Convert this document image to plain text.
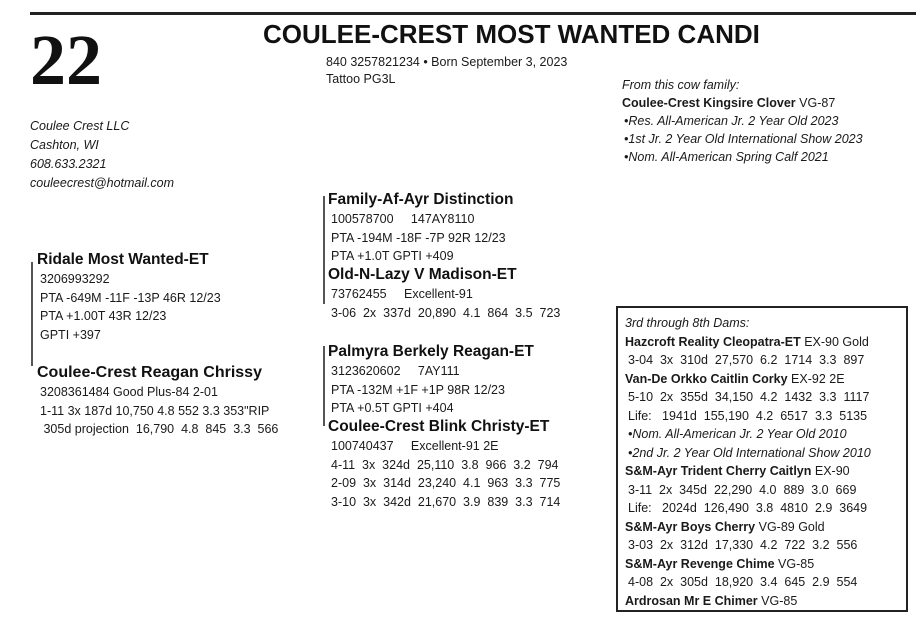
22	COULEE-CREST MOST WANTED CANDI
840 3257821234 • Born September 3, 2023
Tattoo PG3L
Coulee Crest LLC
Cashton, WI
608.633.2321
couleecrest@hotmail.com
From this cow family:
Coulee-Crest Kingsire Clover VG-87
•Res. All-American Jr. 2 Year Old 2023
•1st Jr. 2 Year Old International Show 2023
•Nom. All-American Spring Calf 2021
Ridale Most Wanted-ET
3206993292
PTA -649M -11F -13P 46R 12/23
PTA +1.00T 43R 12/23
GPTI +397
Coulee-Crest Reagan Chrissy
3208361484 Good Plus-84 2-01
1-11 3x 187d 10,750 4.8 552 3.3 353"RIP
305d projection  16,790  4.8  845  3.3  566
Family-Af-Ayr Distinction
100578700     147AY8110
PTA -194M -18F -7P 92R 12/23
PTA +1.0T GPTI +409
Old-N-Lazy V Madison-ET
73762455     Excellent-91
3-06  2x  337d  20,890  4.1  864  3.5  723
Palmyra Berkely Reagan-ET
3123620602     7AY111
PTA -132M +1F +1P 98R 12/23
PTA +0.5T GPTI +404
Coulee-Crest Blink Christy-ET
100740437     Excellent-91 2E
4-11  3x  324d  25,110  3.8  966  3.2  794
2-09  3x  314d  23,240  4.1  963  3.3  775
3-10  3x  342d  21,670  3.9  839  3.3  714
3rd through 8th Dams:
Hazcroft Reality Cleopatra-ET EX-90 Gold
3-04  3x  310d  27,570  6.2  1714  3.3  897
Van-De Orkko Caitlin Corky EX-92 2E
5-10  2x  355d  34,150  4.2  1432  3.3  1117
Life:   1941d  155,190  4.2  6517  3.3  5135
•Nom. All-American Jr. 2 Year Old 2010
•2nd Jr. 2 Year Old International Show 2010
S&M-Ayr Trident Cherry Caitlyn EX-90
3-11  2x  345d  22,290  4.0  889  3.0  669
Life:   2024d  126,490  3.8  4810  2.9  3649
S&M-Ayr Boys Cherry VG-89 Gold
3-03  2x  312d  17,330  4.2  722  3.2  556
S&M-Ayr Revenge Chime VG-85
4-08  2x  305d  18,920  3.4  645  2.9  554
Ardrosan Mr E Chimer VG-85
